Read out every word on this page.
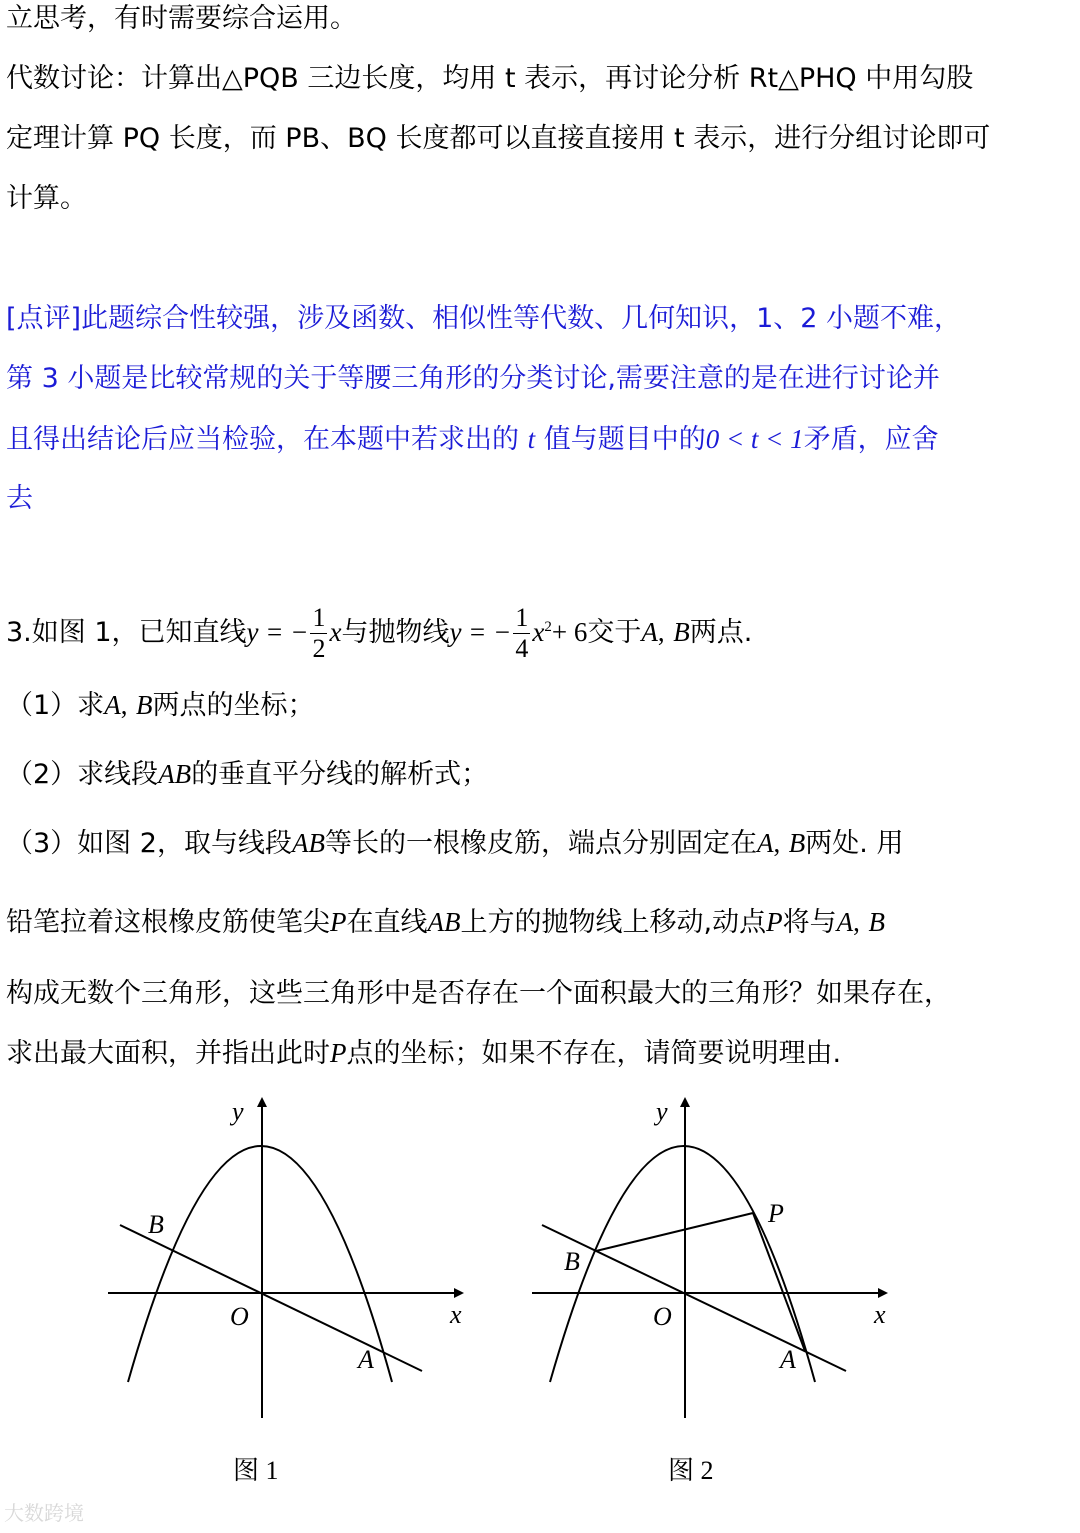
立思考，有时需要综合运用。
代数讨论：计算出△PQB 三边长度，均用 t 表示，再讨论分析 Rt△PHQ 中用勾股
定理计算 PQ 长度，而 PB、BQ 长度都可以直接直接用 t 表示，进行分组讨论即可
计算。
[点评]此题综合性较强，涉及函数、相似性等代数、几何知识，1、2 小题不难，
第 3 小题是比较常规的关于等腰三角形的分类讨论,需要注意的是在进行讨论并
且得出结论后应当检验，在本题中若求出的 t 值与题目中的0 < t < 1矛盾，应舍
去
3.如图 1，已知直线y = − $\frac{1}{2}$ x与抛物线y = − $\frac{1}{4} x^2+ 6$交于A, B两点.
（1）求A, B两点的坐标；
（2）求线段AB的垂直平分线的解析式；
（3）如图 2，取与线段AB等长的一根橡皮筋，端点分别固定在A, B两处. 用
铅笔拉着这根橡皮筋使笔尖P在直线AB上方的抛物线上移动,动点P将与A, B
构成无数个三角形，这些三角形中是否存在一个面积最大的三角形？如果存在，
求出最大面积，并指出此时P点的坐标；如果不存在，请简要说明理由.
y
x
O
B
A
图 1
y
x
O
B
A
P
图 2
大数跨境
